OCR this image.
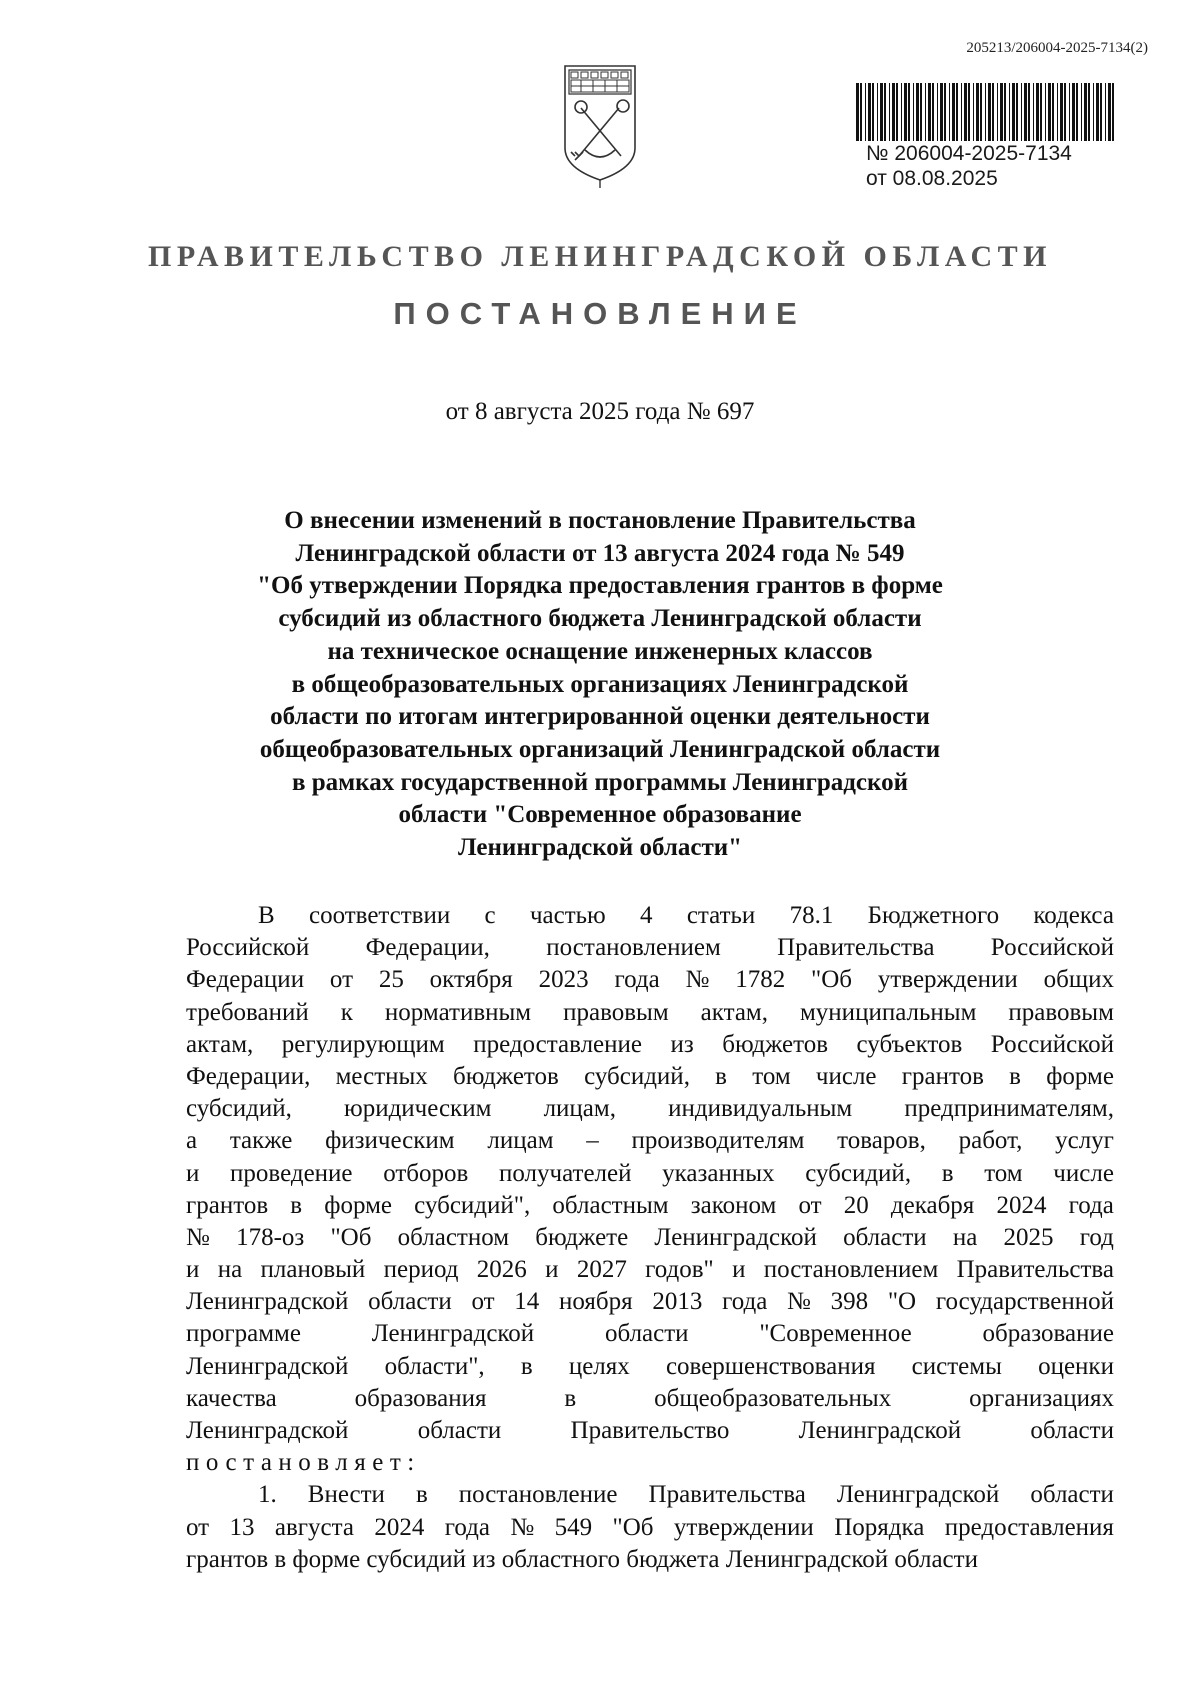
205213/206004-2025-7134(2)
№ 206004-2025-7134
от 08.08.2025
ПРАВИТЕЛЬСТВО ЛЕНИНГРАДСКОЙ ОБЛАСТИ
ПОСТАНОВЛЕНИЕ
от 8 августа 2025 года № 697
О внесении изменений в постановление Правительства
Ленинградской области от 13 августа 2024 года № 549
"Об утверждении Порядка предоставления грантов в форме
субсидий из областного бюджета Ленинградской области
на техническое оснащение инженерных классов
в общеобразовательных организациях Ленинградской
области по итогам интегрированной оценки деятельности
общеобразовательных организаций Ленинградской области
в рамках государственной программы Ленинградской
области "Современное образование
Ленинградской области"
В соответствии с частью 4 статьи 78.1 Бюджетного кодекса
Российской Федерации, постановлением Правительства Российской
Федерации от 25 октября 2023 года № 1782 "Об утверждении общих
требований к нормативным правовым актам, муниципальным правовым
актам, регулирующим предоставление из бюджетов субъектов Российской
Федерации, местных бюджетов субсидий, в том числе грантов в форме
субсидий, юридическим лицам, индивидуальным предпринимателям,
а также физическим лицам – производителям товаров, работ, услуг
и проведение отборов получателей указанных субсидий, в том числе
грантов в форме субсидий", областным законом от 20 декабря 2024 года
№ 178-оз "Об областном бюджете Ленинградской области на 2025 год
и на плановый период 2026 и 2027 годов" и постановлением Правительства
Ленинградской области от 14 ноября 2013 года № 398 "О государственной
программе	Ленинградской	области	"Современное	образование
Ленинградской области", в целях совершенствования системы оценки
качества	образования	в	общеобразовательных	организациях
Ленинградской	области	Правительство	Ленинградской	области
постановляет:
1. Внести в постановление Правительства Ленинградской области
от 13 августа 2024 года № 549 "Об утверждении Порядка предоставления
грантов в форме субсидий из областного бюджета Ленинградской области
